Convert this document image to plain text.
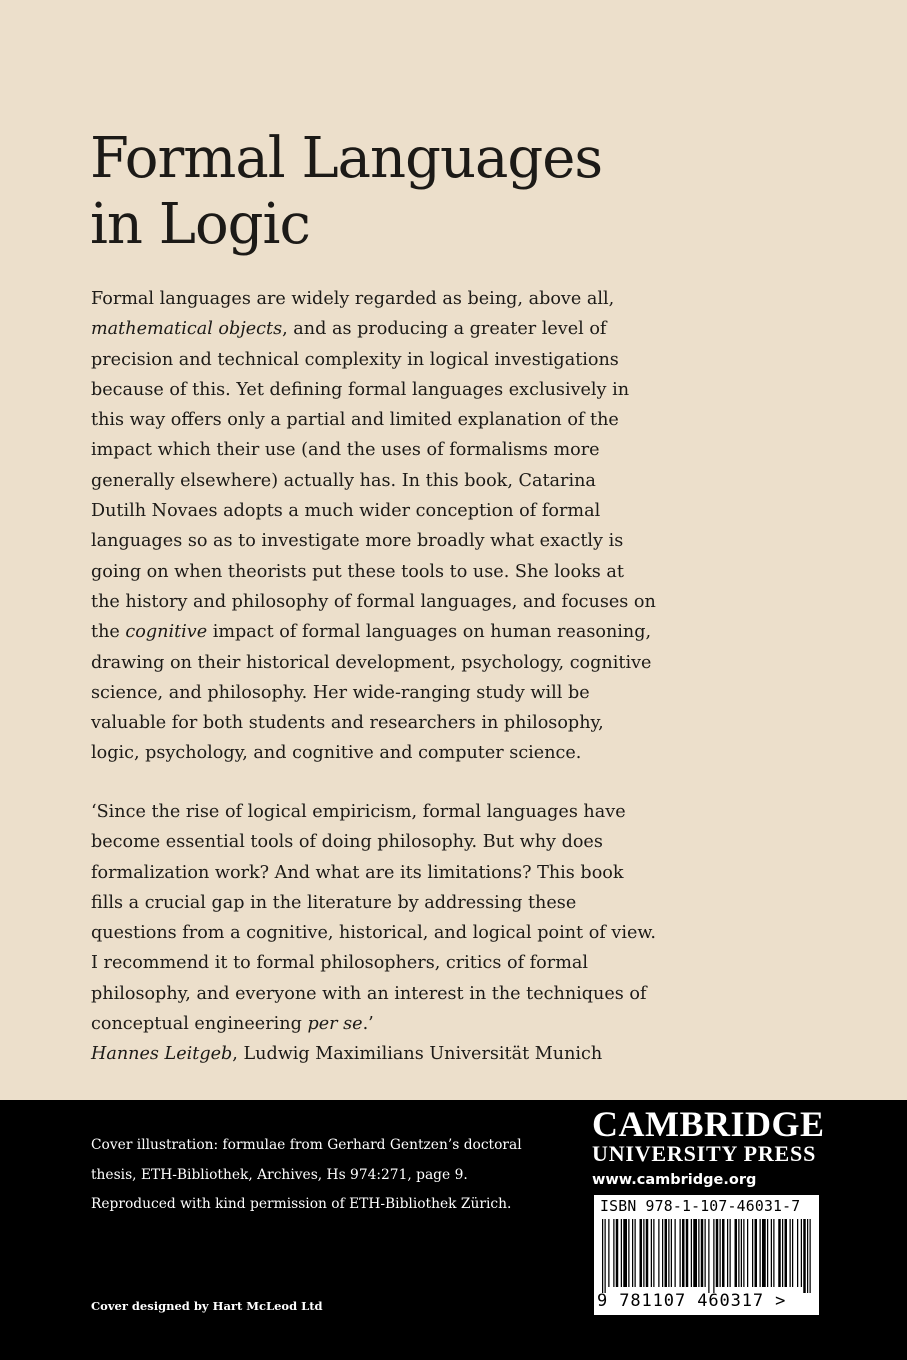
Formal Languages
in Logic

Formal languages are widely regarded as being, above all, mathematical objects, and as producing a greater level of precision and technical complexity in logical investigations because of this. Yet defining formal languages exclusively in this way offers only a partial and limited explanation of the impact which their use (and the uses of formalisms more generally elsewhere) actually has. In this book, Catarina Dutilh Novaes adopts a much wider conception of formal languages so as to investigate more broadly what exactly is going on when theorists put these tools to use. She looks at the history and philosophy of formal languages, and focuses on the cognitive impact of formal languages on human reasoning, drawing on their historical development, psychology, cognitive science, and philosophy. Her wide-ranging study will be valuable for both students and researchers in philosophy, logic, psychology, and cognitive and computer science.

‘Since the rise of logical empiricism, formal languages have become essential tools of doing philosophy. But why does formalization work? And what are its limitations? This book fills a crucial gap in the literature by addressing these questions from a cognitive, historical, and logical point of view. I recommend it to formal philosophers, critics of formal philosophy, and everyone with an interest in the techniques of conceptual engineering per se.’
Hannes Leitgeb, Ludwig Maximilians Universität Munich

Cover illustration: formulae from Gerhard Gentzen’s doctoral thesis, ETH-Bibliothek, Archives, Hs 974:271, page 9. Reproduced with kind permission of ETH-Bibliothek Zürich.

Cover designed by Hart McLeod Ltd

CAMBRIDGE
UNIVERSITY PRESS
www.cambridge.org
ISBN 978-1-107-46031-7
9 781107 460317 >
